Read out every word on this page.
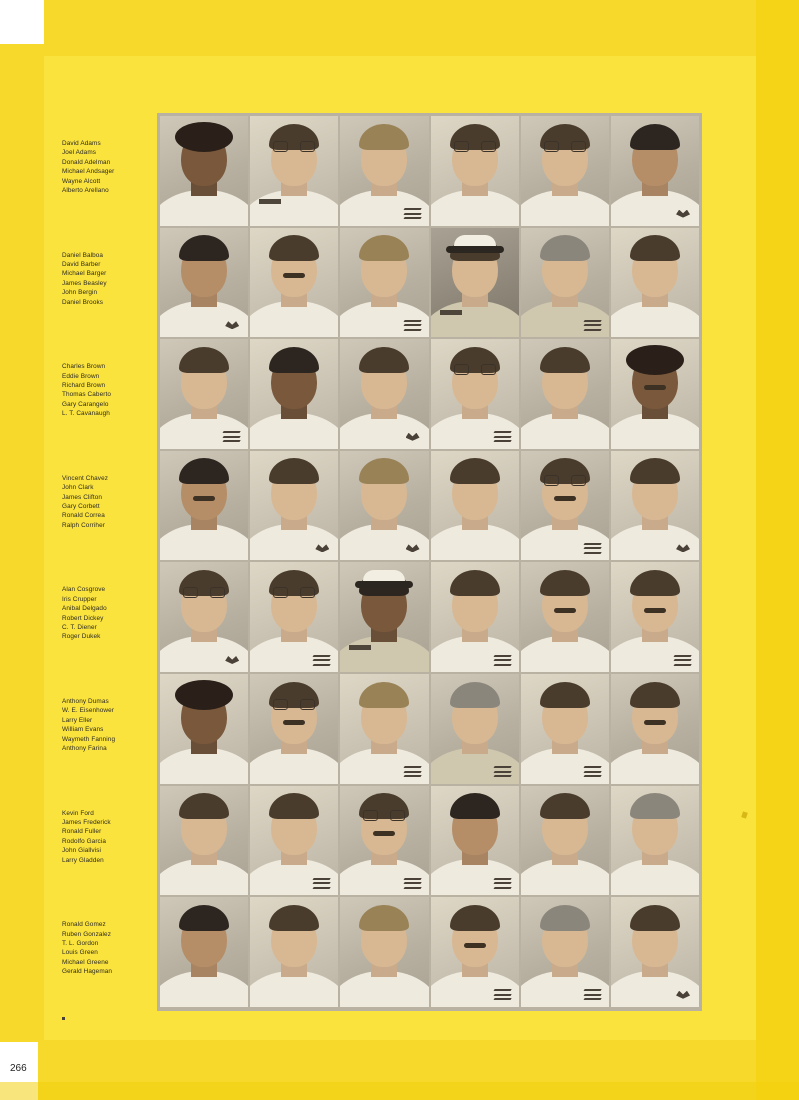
David Adams
Joel Adams
Donald Adelman
Michael Andsager
Wayne Alcott
Alberto Arellano
Daniel Balboa
David Barber
Michael Barger
James Beasley
John Bergin
Daniel Brooks
Charles Brown
Eddie Brown
Richard Brown
Thomas Caberto
Gary Carangelo
L. T. Cavanaugh
Vincent Chavez
John Clark
James Clifton
Gary Corbett
Ronald Correa
Ralph Corriher
Alan Cosgrove
Iris Crupper
Anibal Delgado
Robert Dickey
C. T. Diener
Roger Dukek
Anthony Dumas
W. E. Eisenhower
Larry Eller
William Evans
Waymeth Fanning
Anthony Farina
Kevin Ford
James Frederick
Ronald Fuller
Rodolfo Garcia
John Giallvisi
Larry Gladden
Ronald Gomez
Ruben Gonzalez
T. L. Gordon
Louis Green
Michael Greene
Gerald Hageman
266
